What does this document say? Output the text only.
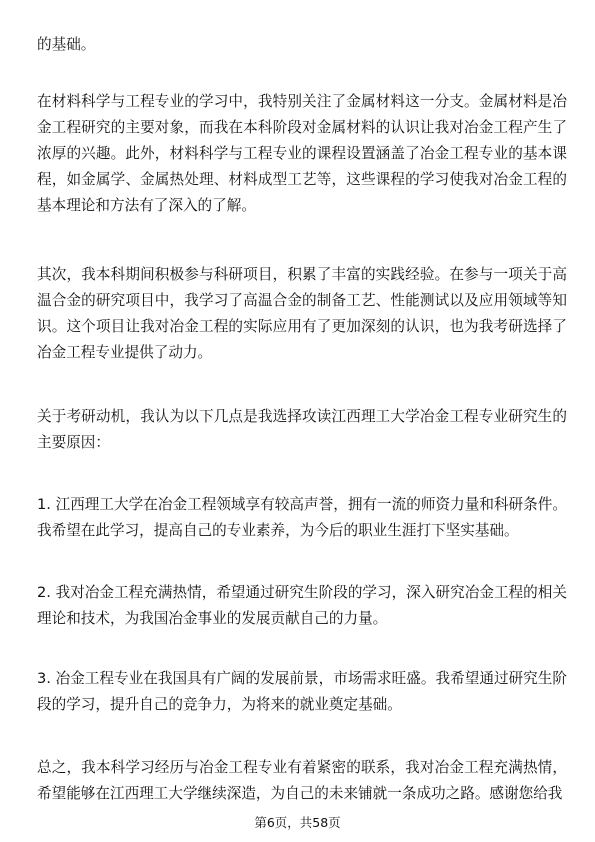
的基础。

在材料科学与工程专业的学习中，我特别关注了金属材料这一分支。金属材料是冶金工程研究的主要对象，而我在本科阶段对金属材料的认识让我对冶金工程产生了浓厚的兴趣。此外，材料科学与工程专业的课程设置涵盖了冶金工程专业的基本课程，如金属学、金属热处理、材料成型工艺等，这些课程的学习使我对冶金工程的基本理论和方法有了深入的了解。

其次，我本科期间积极参与科研项目，积累了丰富的实践经验。在参与一项关于高温合金的研究项目中，我学习了高温合金的制备工艺、性能测试以及应用领域等知识。这个项目让我对冶金工程的实际应用有了更加深刻的认识，也为我考研选择了冶金工程专业提供了动力。

关于考研动机，我认为以下几点是我选择攻读江西理工大学冶金工程专业研究生的主要原因：

1. 江西理工大学在冶金工程领域享有较高声誉，拥有一流的师资力量和科研条件。我希望在此学习，提高自己的专业素养，为今后的职业生涯打下坚实基础。

2. 我对冶金工程充满热情，希望通过研究生阶段的学习，深入研究冶金工程的相关理论和技术，为我国冶金事业的发展贡献自己的力量。

3. 冶金工程专业在我国具有广阔的发展前景，市场需求旺盛。我希望通过研究生阶段的学习，提升自己的竞争力，为将来的就业奠定基础。

总之，我本科学习经历与冶金工程专业有着紧密的联系，我对冶金工程充满热情，希望能够在江西理工大学继续深造，为自己的未来铺就一条成功之路。感谢您给我

第6页，共58页
